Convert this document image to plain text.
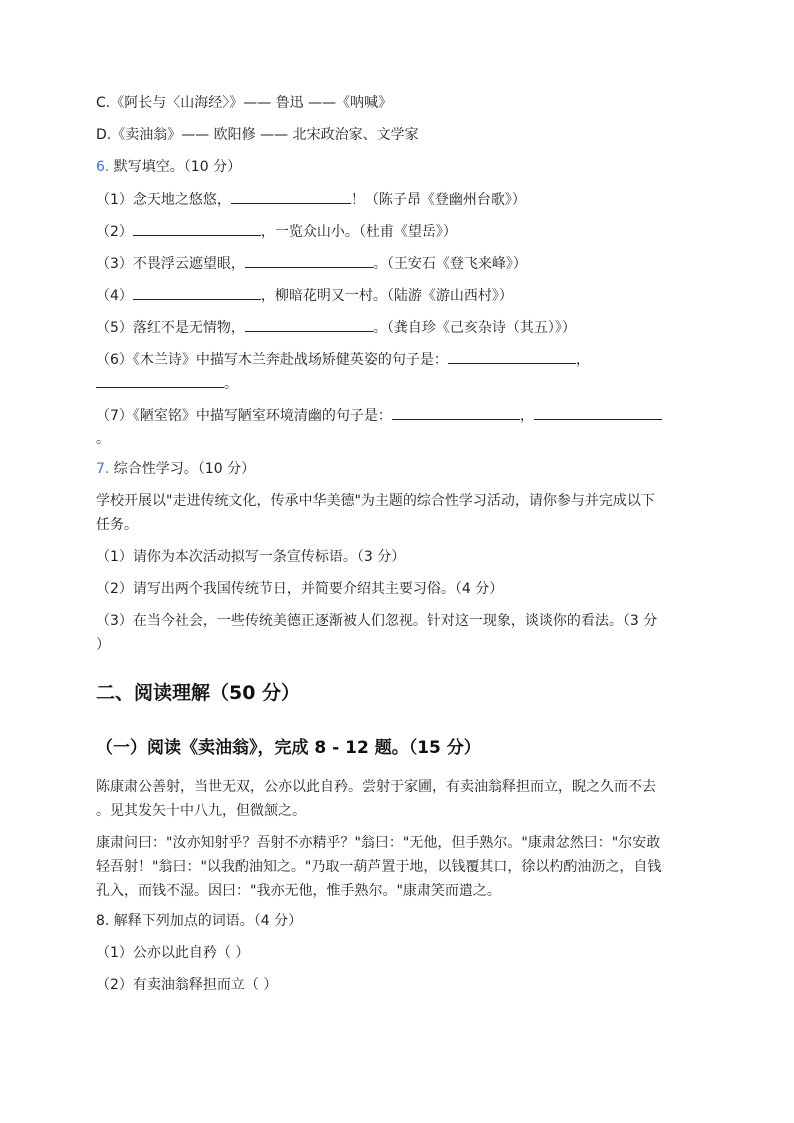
C.《阿长与〈山海经〉》—— 鲁迅 ——《呐喊》
D.《卖油翁》—— 欧阳修 —— 北宋政治家、文学家
6. 默写填空。（10 分）
（1）念天地之悠悠，	！（陈子昂《登幽州台歌》）
（2）	，一览众山小。（杜甫《望岳》）
（3）不畏浮云遮望眼，	。（王安石《登飞来峰》）
（4）	，柳暗花明又一村。（陆游《游山西村》）
（5）落红不是无情物，	。（龚自珍《己亥杂诗（其五）》）
（6）《木兰诗》中描写木兰奔赴战场矫健英姿的句子是：	，
。
（7）《陋室铭》中描写陋室环境清幽的句子是：	，
。
7. 综合性学习。（10 分）
学校开展以"走进传统文化，传承中华美德"为主题的综合性学习活动，请你参与并完成以下
任务。
（1）请你为本次活动拟写一条宣传标语。（3 分）
（2）请写出两个我国传统节日，并简要介绍其主要习俗。（4 分）
（3）在当今社会，一些传统美德正逐渐被人们忽视。针对这一现象，谈谈你的看法。（3 分
）
二、阅读理解（50 分）
（一）阅读《卖油翁》，完成 8 - 12 题。（15 分）
陈康肃公善射，当世无双，公亦以此自矜。尝射于家圃，有卖油翁释担而立，睨之久而不去
。见其发矢十中八九，但微颔之。
康肃问曰："汝亦知射乎？吾射不亦精乎？"翁曰："无他，但手熟尔。"康肃忿然曰："尔安敢
轻吾射！"翁曰："以我酌油知之。"乃取一葫芦置于地，以钱覆其口，徐以杓酌油沥之，自钱
孔入，而钱不湿。因曰："我亦无他，惟手熟尔。"康肃笑而遣之。
8. 解释下列加点的词语。（4 分）
（1）公亦以此自矜（ ）
（2）有卖油翁释担而立（ ）
